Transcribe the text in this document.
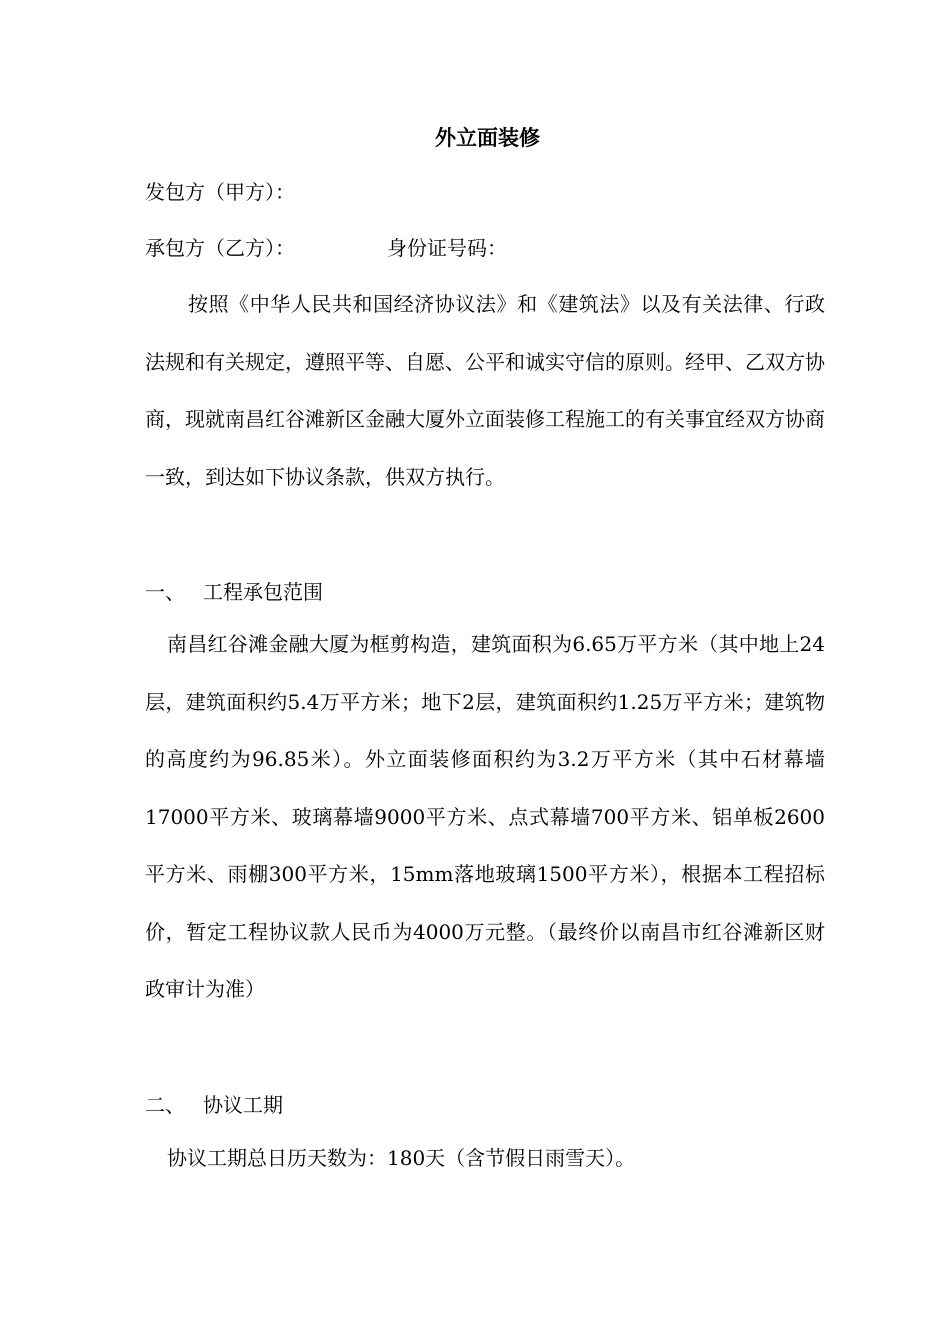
外立面装修
发包方（甲方）：
承包方（乙方）：	身份证号码：
按照《中华人民共和国经济协议法》和《建筑法》以及有关法律、行政法规和有关规定，遵照平等、自愿、公平和诚实守信的原则。经甲、乙双方协商，现就南昌红谷滩新区金融大厦外立面装修工程施工的有关事宜经双方协商一致，到达如下协议条款，供双方执行。
一、 工程承包范围
南昌红谷滩金融大厦为框剪构造，建筑面积为6.65万平方米（其中地上24层，建筑面积约5.4万平方米；地下2层，建筑面积约1.25万平方米；建筑物的高度约为96.85米）。外立面装修面积约为3.2万平方米（其中石材幕墙17000平方米、玻璃幕墙9000平方米、点式幕墙700平方米、铝单板2600平方米、雨棚300平方米，15mm落地玻璃1500平方米），根据本工程招标价，暂定工程协议款人民币为4000万元整。（最终价以南昌市红谷滩新区财政审计为准）
二、 协议工期
协议工期总日历天数为：180天（含节假日雨雪天）。
